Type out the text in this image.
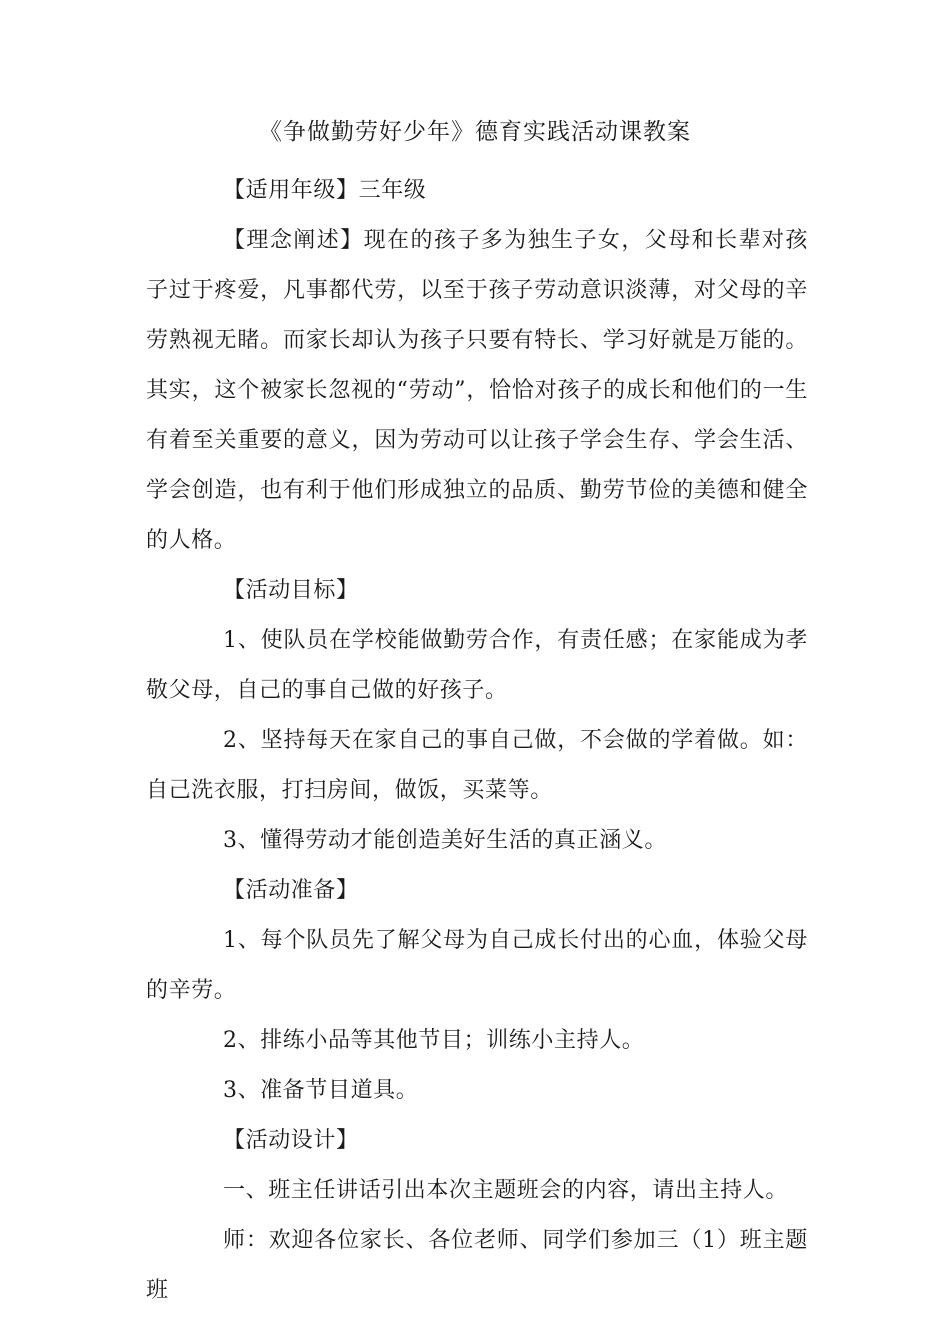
《争做勤劳好少年》德育实践活动课教案

【适用年级】三年级

【理念阐述】现在的孩子多为独生子女，父母和长辈对孩子过于疼爱，凡事都代劳，以至于孩子劳动意识淡薄，对父母的辛劳熟视无睹。而家长却认为孩子只要有特长、学习好就是万能的。其实，这个被家长忽视的“劳动”，恰恰对孩子的成长和他们的一生有着至关重要的意义，因为劳动可以让孩子学会生存、学会生活、学会创造，也有利于他们形成独立的品质、勤劳节俭的美德和健全的人格。

【活动目标】

1、使队员在学校能做勤劳合作，有责任感；在家能成为孝敬父母，自己的事自己做的好孩子。

2、坚持每天在家自己的事自己做，不会做的学着做。如：自己洗衣服，打扫房间，做饭，买菜等。

3、懂得劳动才能创造美好生活的真正涵义。

【活动准备】

1、每个队员先了解父母为自己成长付出的心血，体验父母的辛劳。

2、排练小品等其他节目；训练小主持人。

3、准备节目道具。

【活动设计】

一、班主任讲话引出本次主题班会的内容，请出主持人。

师：欢迎各位家长、各位老师、同学们参加三（1）班主题班
